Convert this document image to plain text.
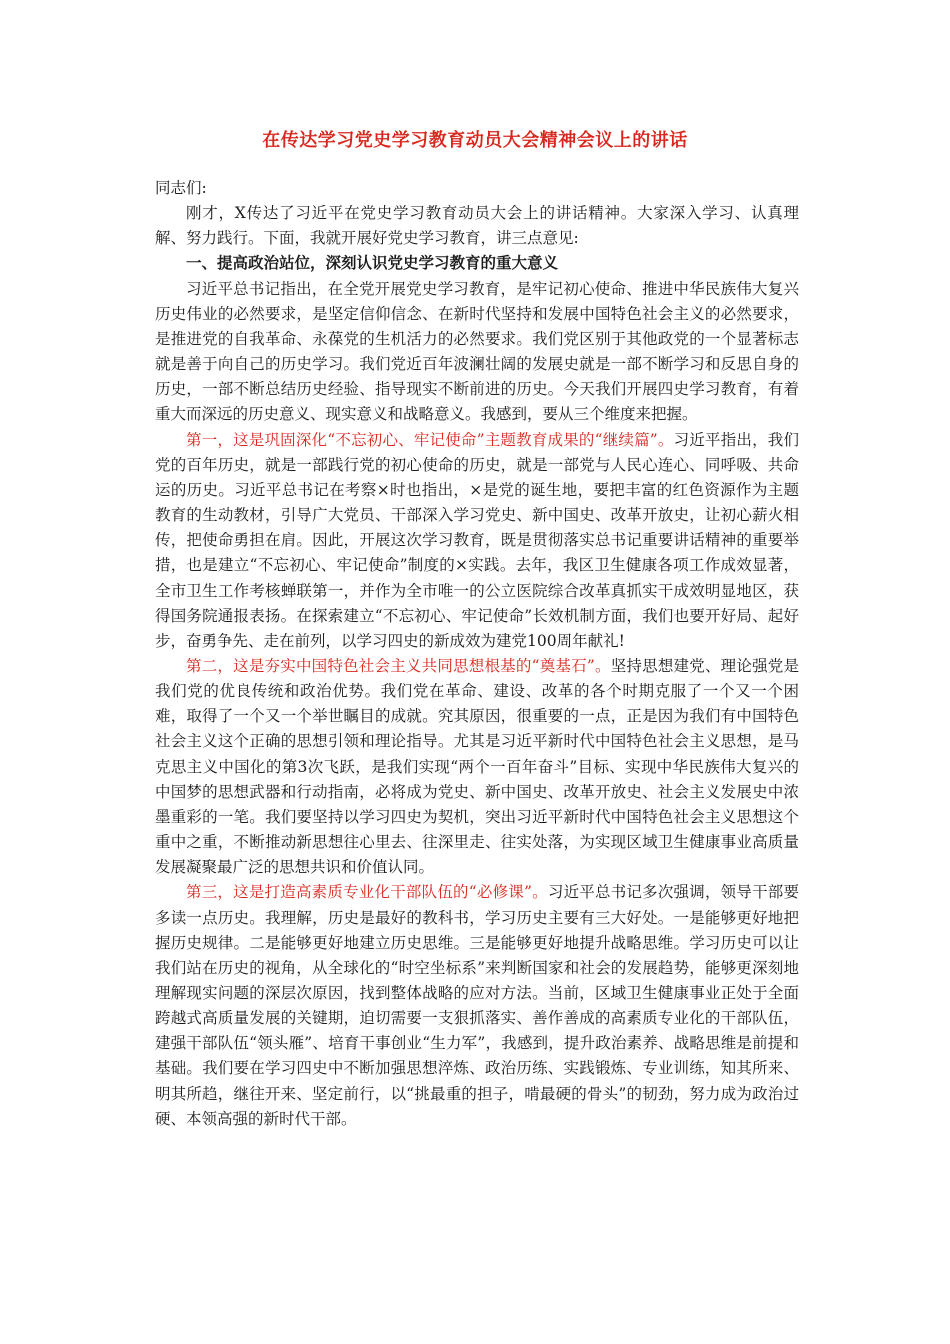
在传达学习党史学习教育动员大会精神会议上的讲话

同志们:

刚才，X传达了习近平在党史学习教育动员大会上的讲话精神。大家深入学习、认真理解、努力践行。下面，我就开展好党史学习教育，讲三点意见:

一、提高政治站位，深刻认识党史学习教育的重大意义

习近平总书记指出，在全党开展党史学习教育，是牢记初心使命、推进中华民族伟大复兴历史伟业的必然要求，是坚定信仰信念、在新时代坚持和发展中国特色社会主义的必然要求，是推进党的自我革命、永葆党的生机活力的必然要求。我们党区别于其他政党的一个显著标志就是善于向自己的历史学习。我们党近百年波澜壮阔的发展史就是一部不断学习和反思自身的历史，一部不断总结历史经验、指导现实不断前进的历史。今天我们开展四史学习教育，有着重大而深远的历史意义、现实意义和战略意义。我感到，要从三个维度来把握。

第一，这是巩固深化“不忘初心、牢记使命”主题教育成果的“继续篇”。习近平指出，我们党的百年历史，就是一部践行党的初心使命的历史，就是一部党与人民心连心、同呼吸、共命运的历史。习近平总书记在考察×时也指出，×是党的诞生地，要把丰富的红色资源作为主题教育的生动教材，引导广大党员、干部深入学习党史、新中国史、改革开放史，让初心薪火相传，把使命勇担在肩。因此，开展这次学习教育，既是贯彻落实总书记重要讲话精神的重要举措，也是建立“不忘初心、牢记使命”制度的×实践。去年，我区卫生健康各项工作成效显著，全市卫生工作考核蝉联第一，并作为全市唯一的公立医院综合改革真抓实干成效明显地区，获得国务院通报表扬。在探索建立“不忘初心、牢记使命”长效机制方面，我们也要开好局、起好步，奋勇争先、走在前列，以学习四史的新成效为建党100周年献礼!

第二，这是夯实中国特色社会主义共同思想根基的“奠基石”。坚持思想建党、理论强党是我们党的优良传统和政治优势。我们党在革命、建设、改革的各个时期克服了一个又一个困难，取得了一个又一个举世瞩目的成就。究其原因，很重要的一点，正是因为我们有中国特色社会主义这个正确的思想引领和理论指导。尤其是习近平新时代中国特色社会主义思想，是马克思主义中国化的第3次飞跃，是我们实现“两个一百年奋斗”目标、实现中华民族伟大复兴的中国梦的思想武器和行动指南，必将成为党史、新中国史、改革开放史、社会主义发展史中浓墨重彩的一笔。我们要坚持以学习四史为契机，突出习近平新时代中国特色社会主义思想这个重中之重，不断推动新思想往心里去、往深里走、往实处落，为实现区域卫生健康事业高质量发展凝聚最广泛的思想共识和价值认同。

第三，这是打造高素质专业化干部队伍的“必修课”。习近平总书记多次强调，领导干部要多读一点历史。我理解，历史是最好的教科书，学习历史主要有三大好处。一是能够更好地把握历史规律。二是能够更好地建立历史思维。三是能够更好地提升战略思维。学习历史可以让我们站在历史的视角，从全球化的“时空坐标系”来判断国家和社会的发展趋势，能够更深刻地理解现实问题的深层次原因，找到整体战略的应对方法。当前，区域卫生健康事业正处于全面跨越式高质量发展的关键期，迫切需要一支狠抓落实、善作善成的高素质专业化的干部队伍，建强干部队伍“领头雁”、培育干事创业“生力军”，我感到，提升政治素养、战略思维是前提和基础。我们要在学习四史中不断加强思想淬炼、政治历练、实践锻炼、专业训练，知其所来、明其所趋，继往开来、坚定前行，以“挑最重的担子，啃最硬的骨头”的韧劲，努力成为政治过硬、本领高强的新时代干部。
